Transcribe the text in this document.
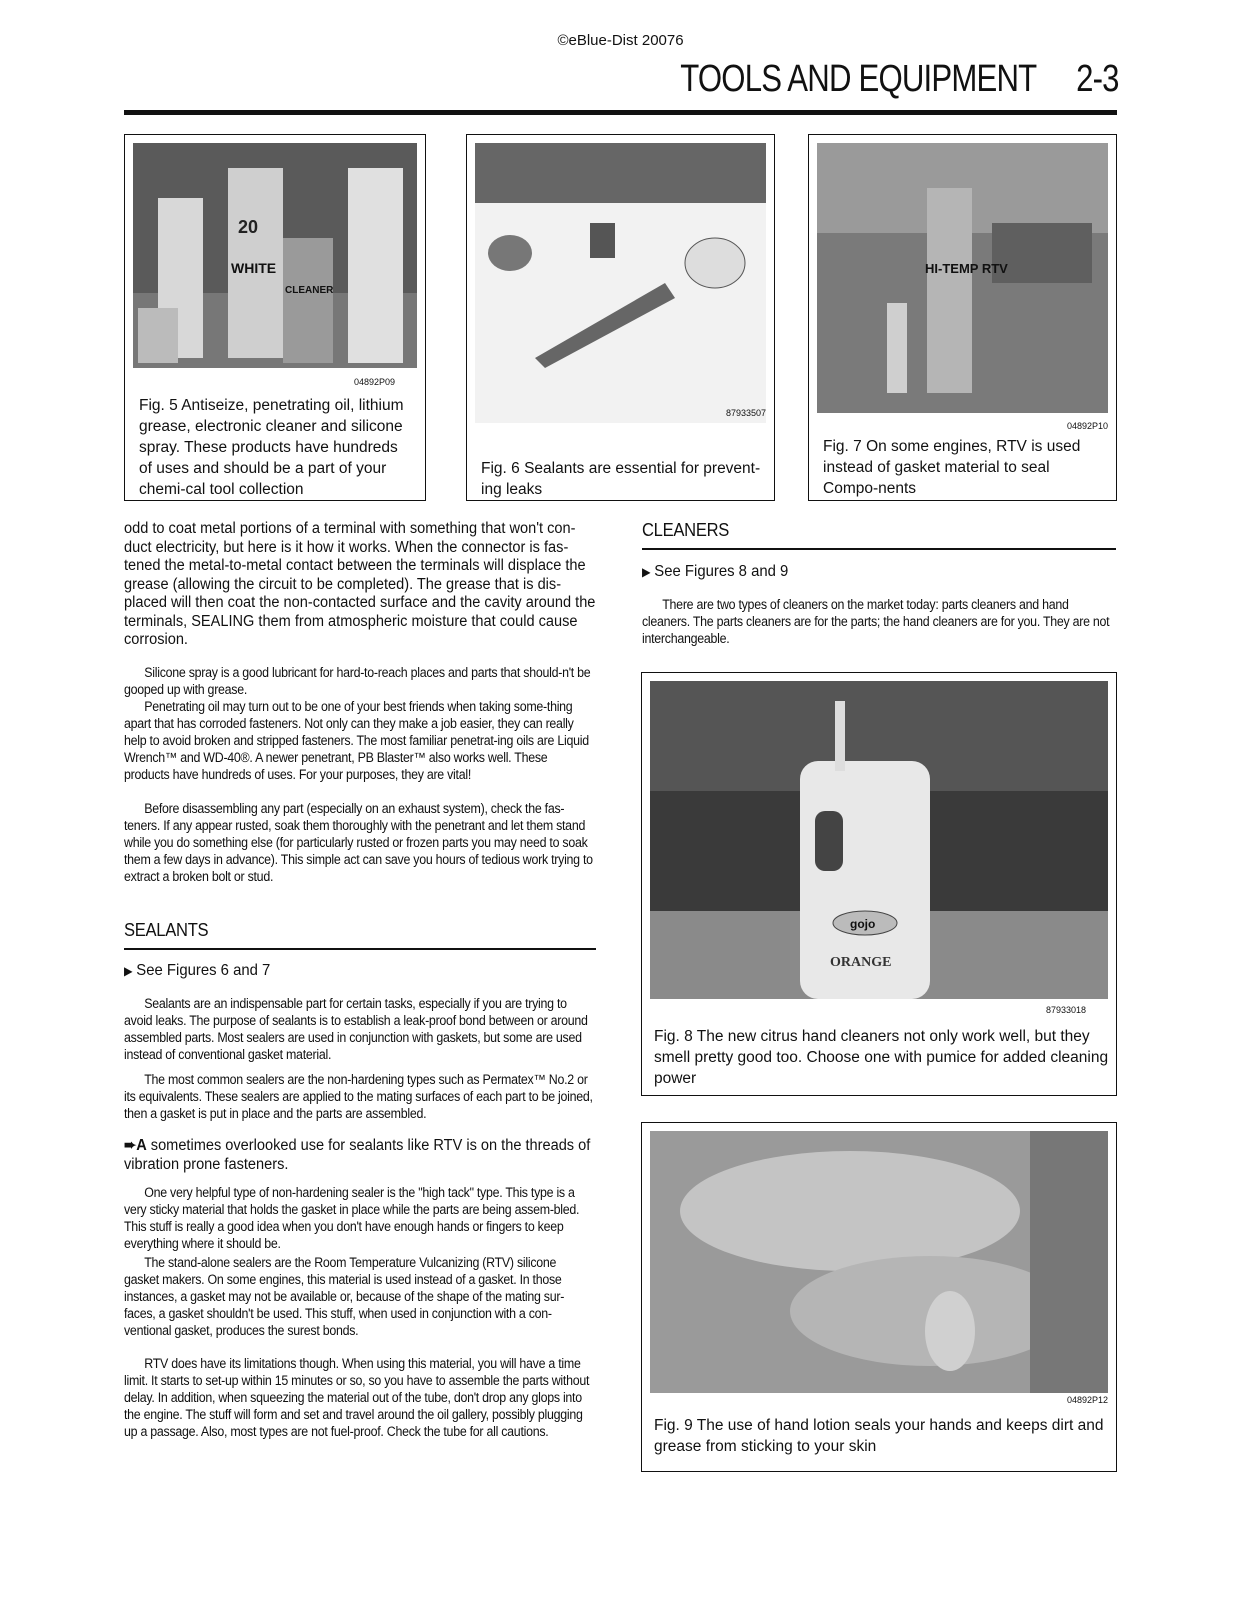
©eBlue-Dist 20076
TOOLS AND EQUIPMENT 2-3
20
WHITE
CLEANER
04892P09
Fig. 5 Antiseize, penetrating oil, lithium grease, electronic cleaner and silicone spray. These products have hundreds of uses and should be a part of your chemi-cal tool collection
87933507
Fig. 6 Sealants are essential for prevent-ing leaks
HI-TEMP RTV
04892P10
Fig. 7 On some engines, RTV is used instead of gasket material to seal Compo-nents
odd to coat metal portions of a terminal with something that won't con-duct electricity, but here is it how it works. When the connector is fas-tened the metal-to-metal contact between the terminals will displace the grease (allowing the circuit to be completed). The grease that is dis-placed will then coat the non-contacted surface and the cavity around the terminals, SEALING them from atmospheric moisture that could cause corrosion.
Silicone spray is a good lubricant for hard-to-reach places and parts that should-n't be gooped up with grease.
Penetrating oil may turn out to be one of your best friends when taking some-thing apart that has corroded fasteners. Not only can they make a job easier, they can really help to avoid broken and stripped fasteners. The most familiar penetrat-ing oils are Liquid Wrench™ and WD-40®. A newer penetrant, PB Blaster™ also works well. These products have hundreds of uses. For your purposes, they are vital!
Before disassembling any part (especially on an exhaust system), check the fas-teners. If any appear rusted, soak them thoroughly with the penetrant and let them stand while you do something else (for particularly rusted or frozen parts you may need to soak them a few days in advance). This simple act can save you hours of tedious work trying to extract a broken bolt or stud.
SEALANTS
▶ See Figures 6 and 7
Sealants are an indispensable part for certain tasks, especially if you are trying to avoid leaks. The purpose of sealants is to establish a leak-proof bond between or around assembled parts. Most sealers are used in conjunction with gaskets, but some are used instead of conventional gasket material.
The most common sealers are the non-hardening types such as Permatex™ No.2 or its equivalents. These sealers are applied to the mating surfaces of each part to be joined, then a gasket is put in place and the parts are assembled.
➨A sometimes overlooked use for sealants like RTV is on the threads of vibration prone fasteners.
One very helpful type of non-hardening sealer is the "high tack" type. This type is a very sticky material that holds the gasket in place while the parts are being assem-bled. This stuff is really a good idea when you don't have enough hands or fingers to keep everything where it should be.
The stand-alone sealers are the Room Temperature Vulcanizing (RTV) silicone gasket makers. On some engines, this material is used instead of a gasket. In those instances, a gasket may not be available or, because of the shape of the mating sur-faces, a gasket shouldn't be used. This stuff, when used in conjunction with a con-ventional gasket, produces the surest bonds.
RTV does have its limitations though. When using this material, you will have a time limit. It starts to set-up within 15 minutes or so, so you have to assemble the parts without delay. In addition, when squeezing the material out of the tube, don't drop any glops into the engine. The stuff will form and set and travel around the oil gallery, possibly plugging up a passage. Also, most types are not fuel-proof. Check the tube for all cautions.
CLEANERS
▶ See Figures 8 and 9
There are two types of cleaners on the market today: parts cleaners and hand cleaners. The parts cleaners are for the parts; the hand cleaners are for you. They are not interchangeable.
gojo
ORANGE
87933018
Fig. 8 The new citrus hand cleaners not only work well, but they smell pretty good too. Choose one with pumice for added cleaning power
04892P12
Fig. 9 The use of hand lotion seals your hands and keeps dirt and grease from sticking to your skin
